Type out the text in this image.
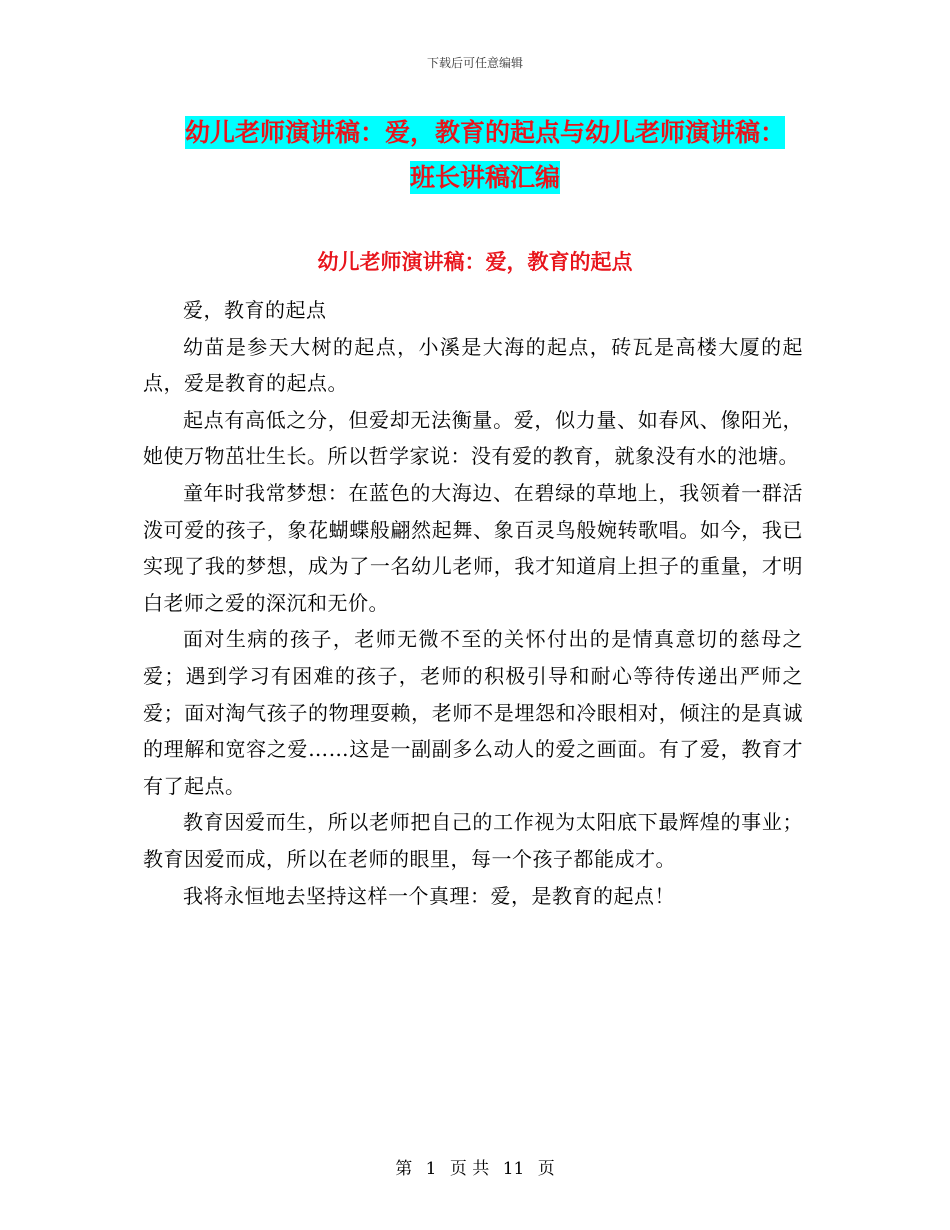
下载后可任意编辑
幼儿老师演讲稿：爱，教育的起点与幼儿老师演讲稿：
班长讲稿汇编
幼儿老师演讲稿：爱，教育的起点

爱，教育的起点

幼苗是参天大树的起点，小溪是大海的起点，砖瓦是高楼大厦的起点，爱是教育的起点。

起点有高低之分，但爱却无法衡量。爱，似力量、如春风、像阳光，她使万物茁壮生长。所以哲学家说：没有爱的教育，就象没有水的池塘。

童年时我常梦想：在蓝色的大海边、在碧绿的草地上，我领着一群活泼可爱的孩子，象花蝴蝶般翩然起舞、象百灵鸟般婉转歌唱。如今，我已实现了我的梦想，成为了一名幼儿老师，我才知道肩上担子的重量，才明白老师之爱的深沉和无价。

面对生病的孩子，老师无微不至的关怀付出的是情真意切的慈母之爱；遇到学习有困难的孩子，老师的积极引导和耐心等待传递出严师之爱；面对淘气孩子的物理耍赖，老师不是埋怨和冷眼相对，倾注的是真诚的理解和宽容之爱……这是一副副多么动人的爱之画面。有了爱，教育才有了起点。

教育因爱而生，所以老师把自己的工作视为太阳底下最辉煌的事业；教育因爱而成，所以在老师的眼里，每一个孩子都能成才。

我将永恒地去坚持这样一个真理：爱，是教育的起点！

第 1 页 共 11 页
